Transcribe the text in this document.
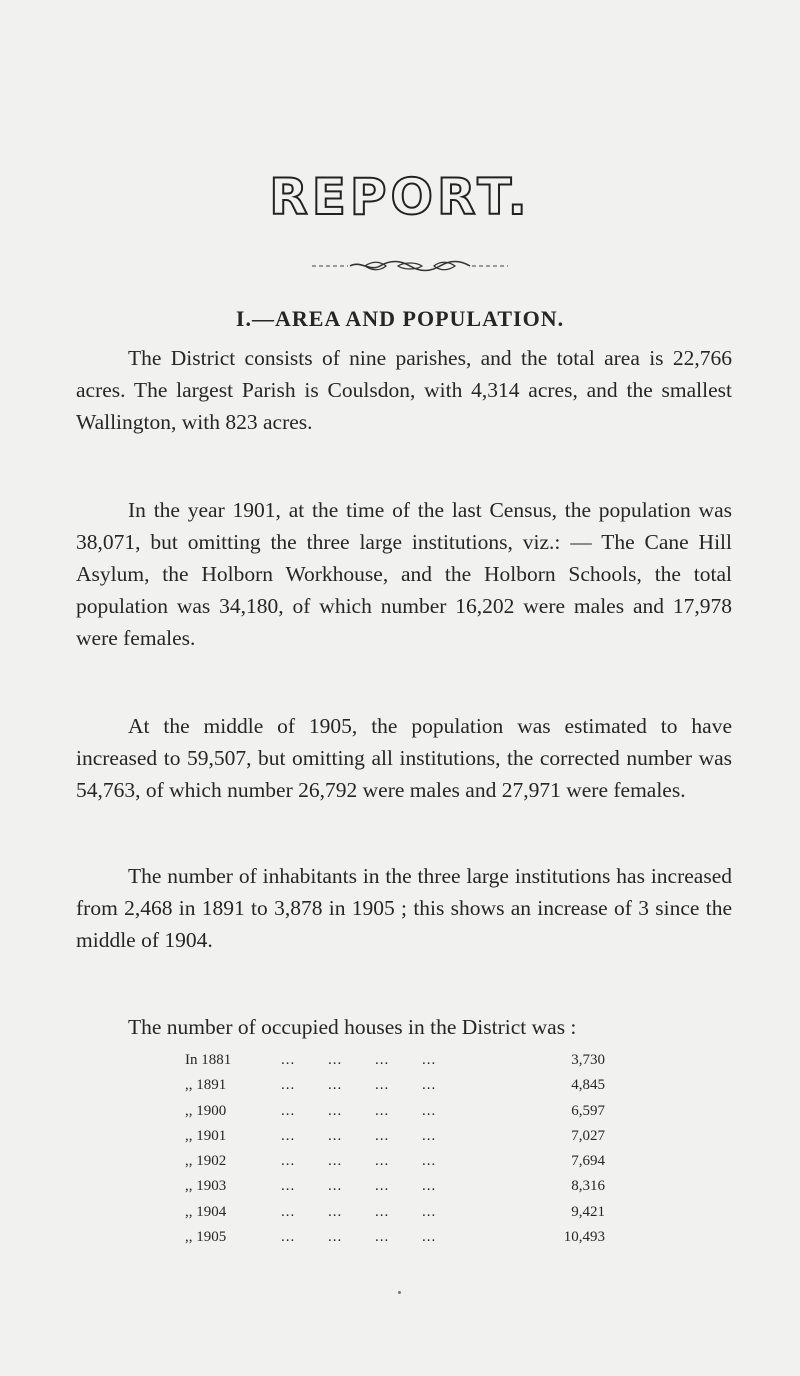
REPORT.
I.—AREA AND POPULATION.

The District consists of nine parishes, and the total area is 22,766 acres. The largest Parish is Coulsdon, with 4,314 acres, and the smallest Wallington, with 823 acres.

In the year 1901, at the time of the last Census, the population was 38,071, but omitting the three large institutions, viz.: — The Cane Hill Asylum, the Holborn Workhouse, and the Holborn Schools, the total population was 34,180, of which number 16,202 were males and 17,978 were females.

At the middle of 1905, the population was estimated to have increased to 59,507, but omitting all institutions, the corrected number was 54,763, of which number 26,792 were males and 27,971 were females.

The number of inhabitants in the three large institutions has increased from 2,468 in 1891 to 3,878 in 1905 ; this shows an increase of 3 since the middle of 1904.

The number of occupied houses in the District was :

In 1881	... ... ... ...	3,730
,, 1891	... ... ... ...	4,845
,, 1900	... ... ... ...	6,597
,, 1901	... ... ... ...	7,027
,, 1902	... ... ... ...	7,694
,, 1903	... ... ... ...	8,316
,, 1904	... ... ... ...	9,421
,, 1905	... ... ... ...	10,493
